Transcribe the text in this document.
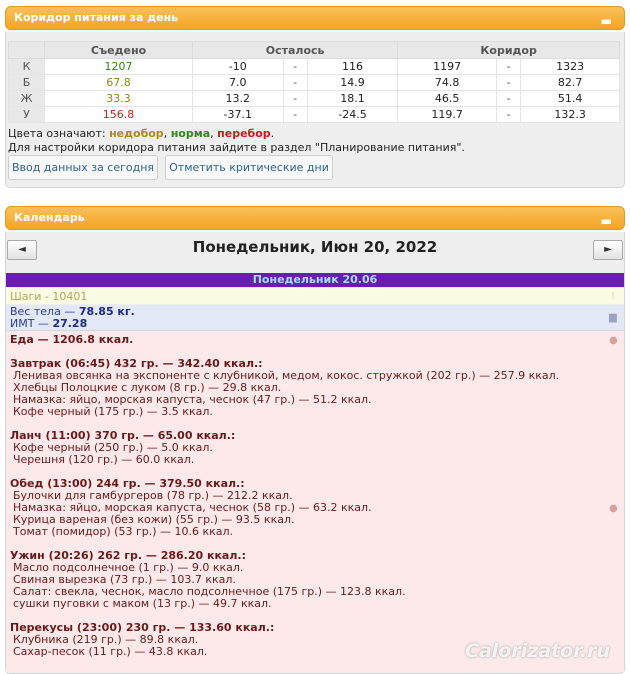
Коридор питания за день	▬
	Съедено	Осталось			Коридор		
К	1207	-10	-	116	1197	-	1323
Б	67.8	7.0	-	14.9	74.8	-	82.7
Ж	33.3	13.2	-	18.1	46.5	-	51.4
У	156.8	-37.1	-	-24.5	119.7	-	132.3
Цвета означают: недобор, норма, перебор.
Для настройки коридора питания зайдите в раздел "Планирование питания".
Ввод данных за сегодня	Отметить критические дни
Календарь	▬
◄	Понедельник, Июн 20, 2022	►
Понедельник 20.06
Шаги - 10401	!
Вес тела — 78.85 кг.
ИМТ — 27.28	▆
Еда — 1206.8 ккал.
Завтрак (06:45) 432 гр. — 342.40 ккал.:
Ленивая овсянка на экспоненте с клубникой, медом, кокос. стружкой (202 гр.) — 257.9 ккал.
Хлебцы Полоцкие с луком (8 гр.) — 29.8 ккал.
Намазка: яйцо, морская капуста, чеснок (47 гр.) — 51.2 ккал.
Кофе черный (175 гр.) — 3.5 ккал.
Ланч (11:00) 370 гр. — 65.00 ккал.:
Кофе черный (250 гр.) — 5.0 ккал.
Черешня (120 гр.) — 60.0 ккал.
Обед (13:00) 244 гр. — 379.50 ккал.:
Булочки для гамбургеров (78 гр.) — 212.2 ккал.
Намазка: яйцо, морская капуста, чеснок (58 гр.) — 63.2 ккал.
Курица вареная (без кожи) (55 гр.) — 93.5 ккал.
Томат (помидор) (53 гр.) — 10.6 ккал.
Ужин (20:26) 262 гр. — 286.20 ккал.:
Масло подсолнечное (1 гр.) — 9.0 ккал.
Свиная вырезка (73 гр.) — 103.7 ккал.
Салат: свекла, чеснок, масло подсолнечное (175 гр.) — 123.8 ккал.
сушки пуговки с маком (13 гр.) — 49.7 ккал.
Перекусы (23:00) 230 гр. — 133.60 ккал.:
Клубника (219 гр.) — 89.8 ккал.
Сахар-песок (11 гр.) — 43.8 ккал.
●
●
Calorizator.ru
